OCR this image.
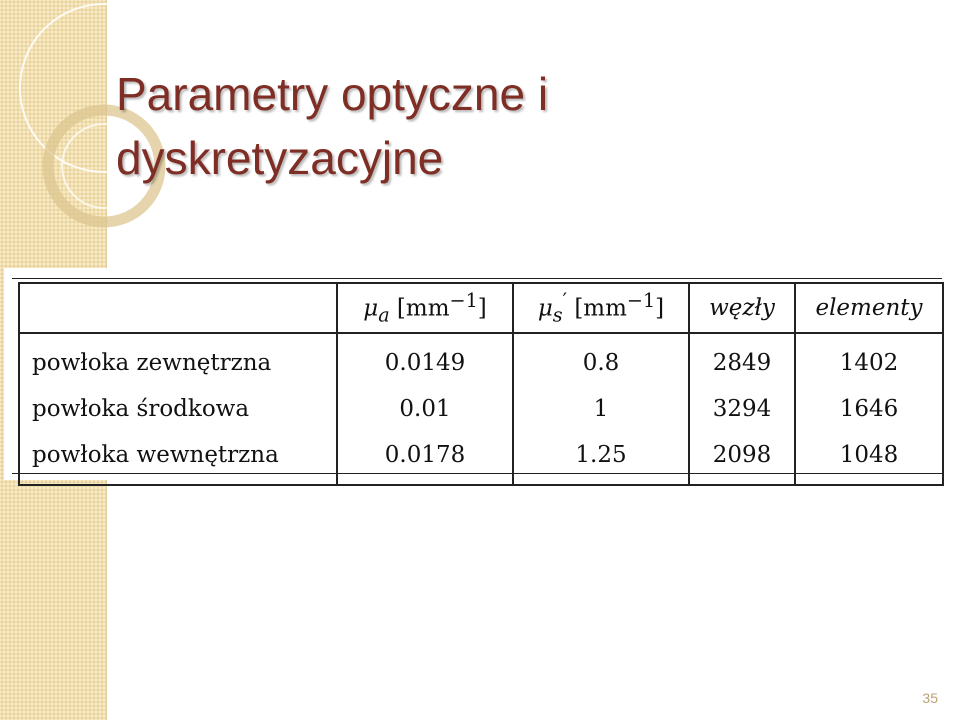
Parametry optyczne i dyskretyzacyjne
	$\mu_a$ $[mm^{-1}]$	$\mu_s'$ $[mm^{-1}]$	węzły	elementy
powłoka zewnętrzna	0.0149	0.8	2849	1402
powłoka środkowa	0.01	1	3294	1646
powłoka wewnętrzna	0.0178	1.25	2098	1048
35
